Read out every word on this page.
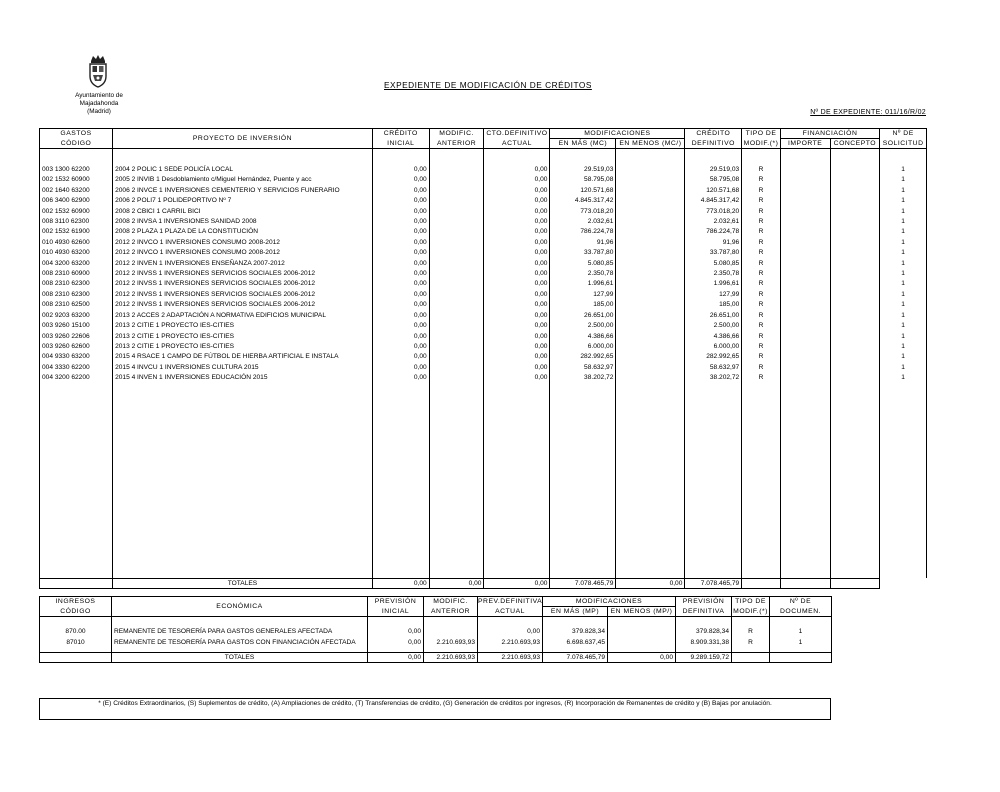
Ayuntamiento de
Majadahonda
(Madrid)
EXPEDIENTE DE MODIFICACIÓN DE CRÉDITOS
Nº DE EXPEDIENTE: 011/16/R/02
GASTOS	PROYECTO DE INVERSIÓN	CRÉDITO	MODIFIC.	CTO.DEFINITIVO	MODIFICACIONES		CRÉDITO	TIPO DE	FINANCIACIÓN		Nº DE
CÓDIGO		INICIAL	ANTERIOR	ACTUAL	EN MÁS (MC)	EN MENOS (MC/)	DEFINITIVO	MODIF.(*)	IMPORTE	CONCEPTO	SOLICITUD
003 1300 62200	2004 2 POLIC 1 SEDE POLICÍA LOCAL	0,00		0,00	29.519,03		29.519,03	R			1
002 1532 60900	2005 2 INVIB 1 Desdoblamiento c/Miguel Hernández, Puente y acc	0,00		0,00	58.795,08		58.795,08	R			1
002 1640 63200	2006 2 INVCE 1 INVERSIONES CEMENTERIO Y SERVICIOS FUNERARIO	0,00		0,00	120.571,68		120.571,68	R			1
006 3400 62900	2006 2 POLI7 1 POLIDEPORTIVO Nº 7	0,00		0,00	4.845.317,42		4.845.317,42	R			1
002 1532 60900	2008 2 CBICI 1 CARRIL BICI	0,00		0,00	773.018,20		773.018,20	R			1
008 3110 62300	2008 2 INVSA 1 INVERSIONES SANIDAD 2008	0,00		0,00	2.032,61		2.032,61	R			1
002 1532 61900	2008 2 PLAZA 1 PLAZA DE LA CONSTITUCIÓN	0,00		0,00	786.224,78		786.224,78	R			1
010 4930 62600	2012 2 INVCO 1 INVERSIONES CONSUMO 2008-2012	0,00		0,00	91,96		91,96	R			1
010 4930 63200	2012 2 INVCO 1 INVERSIONES CONSUMO 2008-2012	0,00		0,00	33.787,80		33.787,80	R			1
004 3200 63200	2012 2 INVEN 1 INVERSIONES ENSEÑANZA 2007-2012	0,00		0,00	5.080,85		5.080,85	R			1
008 2310 60900	2012 2 INVSS 1 INVERSIONES SERVICIOS SOCIALES 2006-2012	0,00		0,00	2.350,78		2.350,78	R			1
008 2310 62300	2012 2 INVSS 1 INVERSIONES SERVICIOS SOCIALES 2006-2012	0,00		0,00	1.996,61		1.996,61	R			1
008 2310 62300	2012 2 INVSS 1 INVERSIONES SERVICIOS SOCIALES 2006-2012	0,00		0,00	127,99		127,99	R			1
008 2310 62500	2012 2 INVSS 1 INVERSIONES SERVICIOS SOCIALES 2006-2012	0,00		0,00	185,00		185,00	R			1
002 9203 63200	2013 2 ACCES 2 ADAPTACIÓN A NORMATIVA EDIFICIOS MUNICIPAL	0,00		0,00	26.651,00		26.651,00	R			1
003 9260 15100	2013 2 CITIE 1 PROYECTO IES-CITIES	0,00		0,00	2.500,00		2.500,00	R			1
003 9260 22606	2013 2 CITIE 1 PROYECTO IES-CITIES	0,00		0,00	4.386,66		4.386,66	R			1
003 9260 62600	2013 2 CITIE 1 PROYECTO IES-CITIES	0,00		0,00	6.000,00		6.000,00	R			1
004 9330 63200	2015 4 RSACE 1 CAMPO DE FÚTBOL DE HIERBA ARTIFICIAL E INSTALA	0,00		0,00	282.992,65		282.992,65	R			1
004 3330 62200	2015 4 INVCU 1 INVERSIONES CULTURA 2015	0,00		0,00	58.632,97		58.632,97	R			1
004 3200 62200	2015 4 INVEN 1 INVERSIONES EDUCACIÓN 2015	0,00		0,00	38.202,72		38.202,72	R			1

	TOTALES	0,00	0,00	0,00	7.078.465,79	0,00	7.078.465,79				
INGRESOS	ECONÓMICA	PREVISIÓN	MODIFIC.	PREV.DEFINITIVA	MODIFICACIONES		PREVISIÓN	TIPO DE	Nº DE
CÓDIGO		INICIAL	ANTERIOR	ACTUAL	EN MÁS (MP)	EN MENOS (MP/)	DEFINITIVA	MODIF.(*)	DOCUMEN.
870.00	REMANENTE DE TESORERÍA PARA GASTOS GENERALES AFECTADA	0,00		0,00	379.828,34		379.828,34	R	1
87010	REMANENTE DE TESORERÍA PARA GASTOS CON FINANCIACIÓN AFECTADA	0,00	2.210.693,93	2.210.693,93	6.698.637,45		8.909.331,38	R	1

	TOTALES	0,00	2.210.693,93	2.210.693,93	7.078.465,79	0,00	9.289.159,72		
* (E) Créditos Extraordinarios, (S) Suplementos de crédito, (A) Ampliaciones de crédito, (T) Transferencias de crédito, (G) Generación de créditos por ingresos, (R) Incorporación de Remanentes de crédito y (B) Bajas por anulación.
